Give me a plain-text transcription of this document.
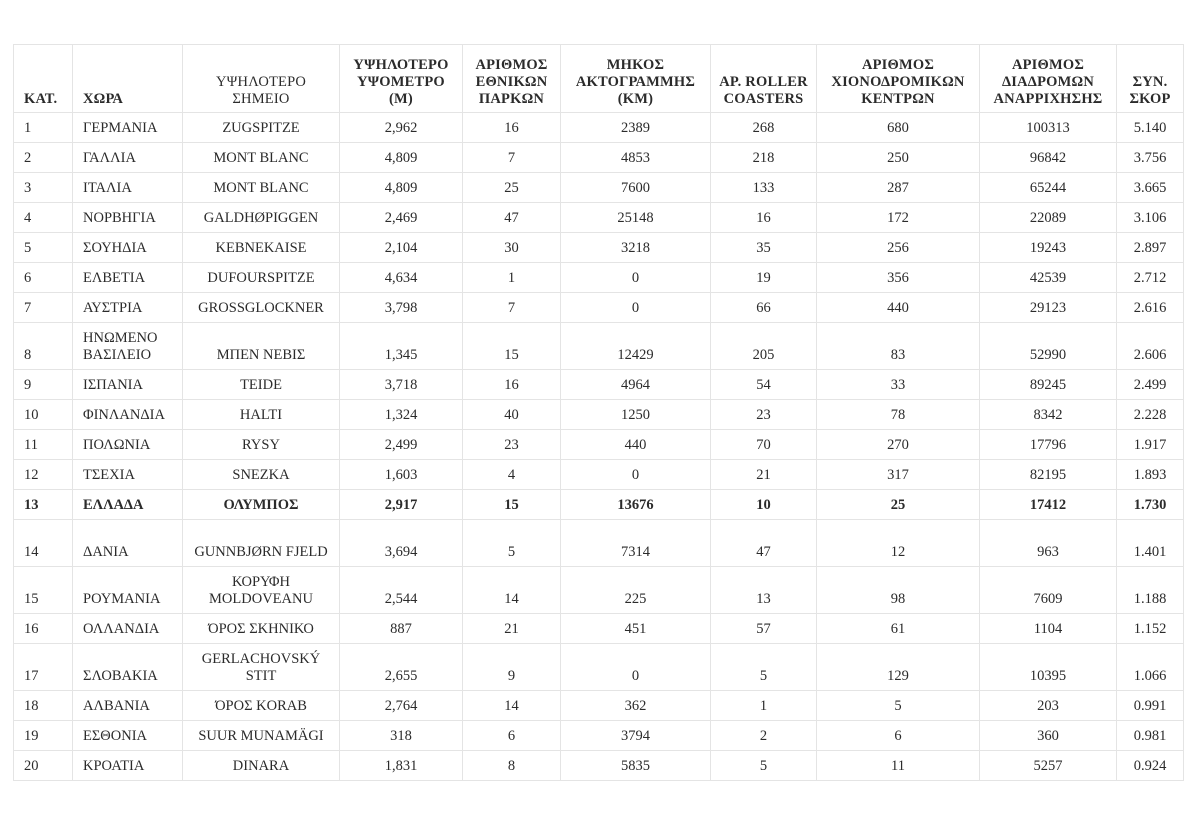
ΚΑΤ.	ΧΩΡΑ	ΥΨΗΛΟΤΕΡΟ ΣΗΜΕΙΟ	ΥΨΗΛΟΤΕΡΟ ΥΨΟΜΕΤΡΟ (Μ)	ΑΡΙΘΜΟΣ ΕΘΝΙΚΩΝ ΠΑΡΚΩΝ	ΜΗΚΟΣ ΑΚΤΟΓΡΑΜΜΗΣ (KM)	ΑΡ. ROLLER COASTERS	ΑΡΙΘΜΟΣ ΧΙΟΝΟΔΡΟΜΙΚΩΝ ΚΕΝΤΡΩΝ	ΑΡΙΘΜΟΣ ΔΙΑΔΡΟΜΩΝ ΑΝΑΡΡΙΧΗΣΗΣ	ΣΥΝ. ΣΚΟΡ
1	ΓΕΡΜΑΝΙΑ	ZUGSPITZE	2,962	16	2389	268	680	100313	5.140
2	ΓΑΛΛΙΑ	MONT BLANC	4,809	7	4853	218	250	96842	3.756
3	ΙΤΑΛΙΑ	MONT BLANC	4,809	25	7600	133	287	65244	3.665
4	ΝΟΡΒΗΓΙΑ	GALDHØPIGGEN	2,469	47	25148	16	172	22089	3.106
5	ΣΟΥΗΔΙΑ	KEBNEKAISE	2,104	30	3218	35	256	19243	2.897
6	ΕΛΒΕΤΙΑ	DUFOURSPITZE	4,634	1	0	19	356	42539	2.712
7	ΑΥΣΤΡΙΑ	GROSSGLOCKNER	3,798	7	0	66	440	29123	2.616
8	ΗΝΩΜΕΝΟ ΒΑΣΙΛΕΙΟ	ΜΠΕΝ ΝΕΒΙΣ	1,345	15	12429	205	83	52990	2.606
9	ΙΣΠΑΝΙΑ	TEIDE	3,718	16	4964	54	33	89245	2.499
10	ΦΙΝΛΑΝΔΙΑ	HALTI	1,324	40	1250	23	78	8342	2.228
11	ΠΟΛΩΝΙΑ	RYSY	2,499	23	440	70	270	17796	1.917
12	ΤΣΕΧΙΑ	SNEZKA	1,603	4	0	21	317	82195	1.893
13	ΕΛΛΑΔΑ	ΟΛΥΜΠΟΣ	2,917	15	13676	10	25	17412	1.730
14	ΔΑΝΙΑ	GUNNBJØRN FJELD	3,694	5	7314	47	12	963	1.401
15	ΡΟΥΜΑΝΙΑ	ΚΟΡΥΦΗ MOLDOVEANU	2,544	14	225	13	98	7609	1.188
16	ΟΛΛΑΝΔΙΑ	ΌΡΟΣ ΣΚΗΝΙΚΟ	887	21	451	57	61	1104	1.152
17	ΣΛΟΒΑΚΙΑ	GERLACHOVSKÝ STIT	2,655	9	0	5	129	10395	1.066
18	ΑΛΒΑΝΙΑ	ΌΡΟΣ KORAB	2,764	14	362	1	5	203	0.991
19	ΕΣΘΟΝΙΑ	SUUR MUNAMÄGI	318	6	3794	2	6	360	0.981
20	ΚΡΟΑΤΙΑ	DINARA	1,831	8	5835	5	11	5257	0.924
